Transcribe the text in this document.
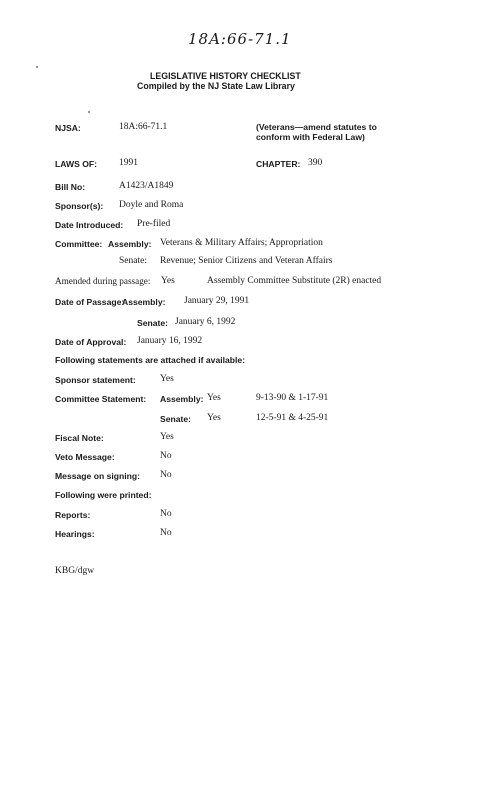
18A:66-71.1
LEGISLATIVE HISTORY CHECKLIST
Compiled by the NJ State Law Library
NJSA:	18A:66-71.1	(Veterans—amend statutes to
conform with Federal Law)
LAWS OF: 1991	CHAPTER: 390
Bill No:	A1423/A1849
Sponsor(s): Doyle and Roma
Date Introduced: Pre-filed
Committee: Assembly: Veterans & Military Affairs; Appropriation
Senate: Revenue; Senior Citizens and Veteran Affairs
Amended during passage: Yes	Assembly Committee Substitute (2R) enacted
Date of Passage:
Assembly: January 29, 1991
Senate: January 6, 1992
Date of Approval: January 16, 1992
Following statements are attached if available:
Sponsor statement:	Yes
Committee Statement: Assembly: Yes	9-13-90 & 1-17-91
Senate: Yes	12-5-91 & 4-25-91
Fiscal Note:	Yes
Veto Message:	No
Message on signing: No
Following were printed:
Reports:	No
Hearings:	No
KBG/dgw
